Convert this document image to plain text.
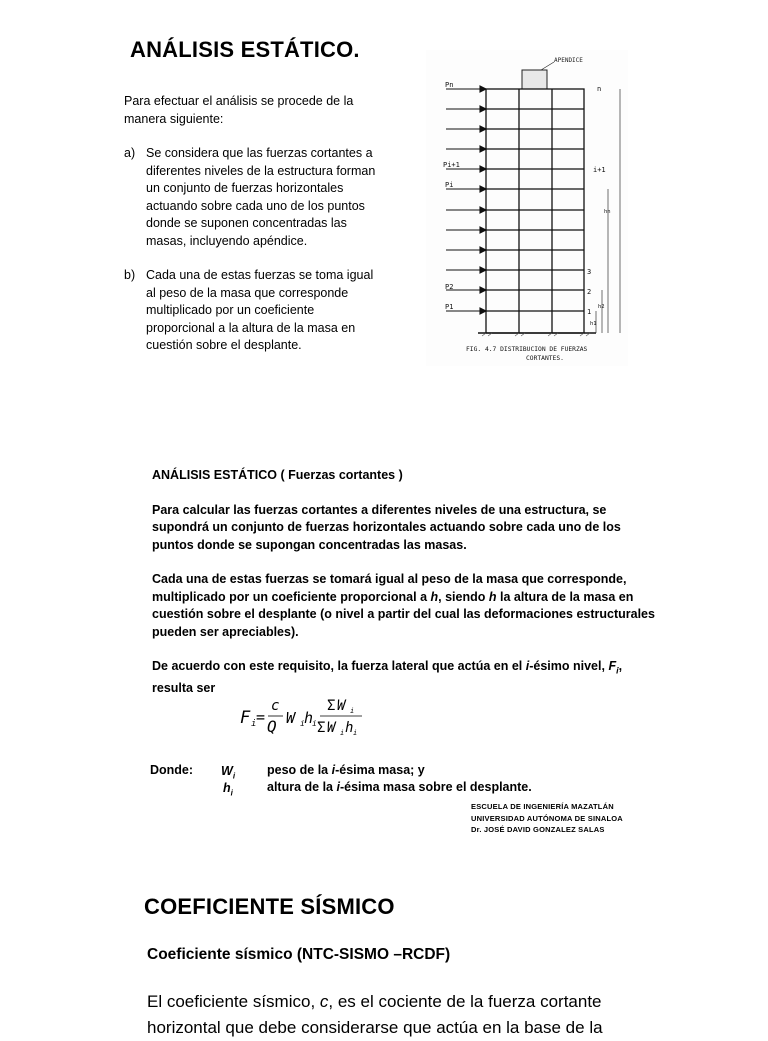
ANÁLISIS ESTÁTICO.

Para efectuar el análisis se procede de la manera siguiente:

a) Se considera que las fuerzas cortantes a diferentes niveles de la estructura forman un conjunto de fuerzas horizontales actuando sobre cada uno de los puntos donde se suponen concentradas las masas, incluyendo apéndice.
b) Cada una de estas fuerzas se toma igual al peso de la masa que corresponde multiplicado por un coeficiente proporcional a la altura de la masa en cuestión sobre el desplante.
APENDICE
Pn
Pi+1
Pi
P2
P1
n
i+1
3
2
1
hn
h2
h1
FIG. 4.7 DISTRIBUCION DE FUERZAS
CORTANTES.

ANÁLISIS ESTÁTICO ( Fuerzas cortantes )

Para calcular las fuerzas cortantes a diferentes niveles de una estructura, se supondrá un conjunto de fuerzas horizontales actuando sobre cada uno de los puntos donde se supongan concentradas las masas.

Cada una de estas fuerzas se tomará igual al peso de la masa que corresponde, multiplicado por un coeficiente proporcional a h, siendo h la altura de la masa en cuestión sobre el desplante (o nivel a partir del cual las deformaciones estructurales pueden ser apreciables).

De acuerdo con este requisito, la fuerza lateral que actúa en el i-ésimo nivel, $F_i$, resulta ser

F i =
c
Q W i h
i
Σ W i
Σ W i h i
Donde: $W_i$	peso de la i-ésima masa; y
$h_i$	altura de la i-ésima masa sobre el desplante.
ESCUELA DE INGENIERÍA MAZATLÁN
UNIVERSIDAD AUTÓNOMA DE SINALOA
Dr. JOSÉ DAVID GONZALEZ SALAS
COEFICIENTE SÍSMICO
Coeficiente sísmico (NTC-SISMO –RCDF)
El coeficiente sísmico, c, es el cociente de la fuerza cortante
horizontal que debe considerarse que actúa en la base de la
